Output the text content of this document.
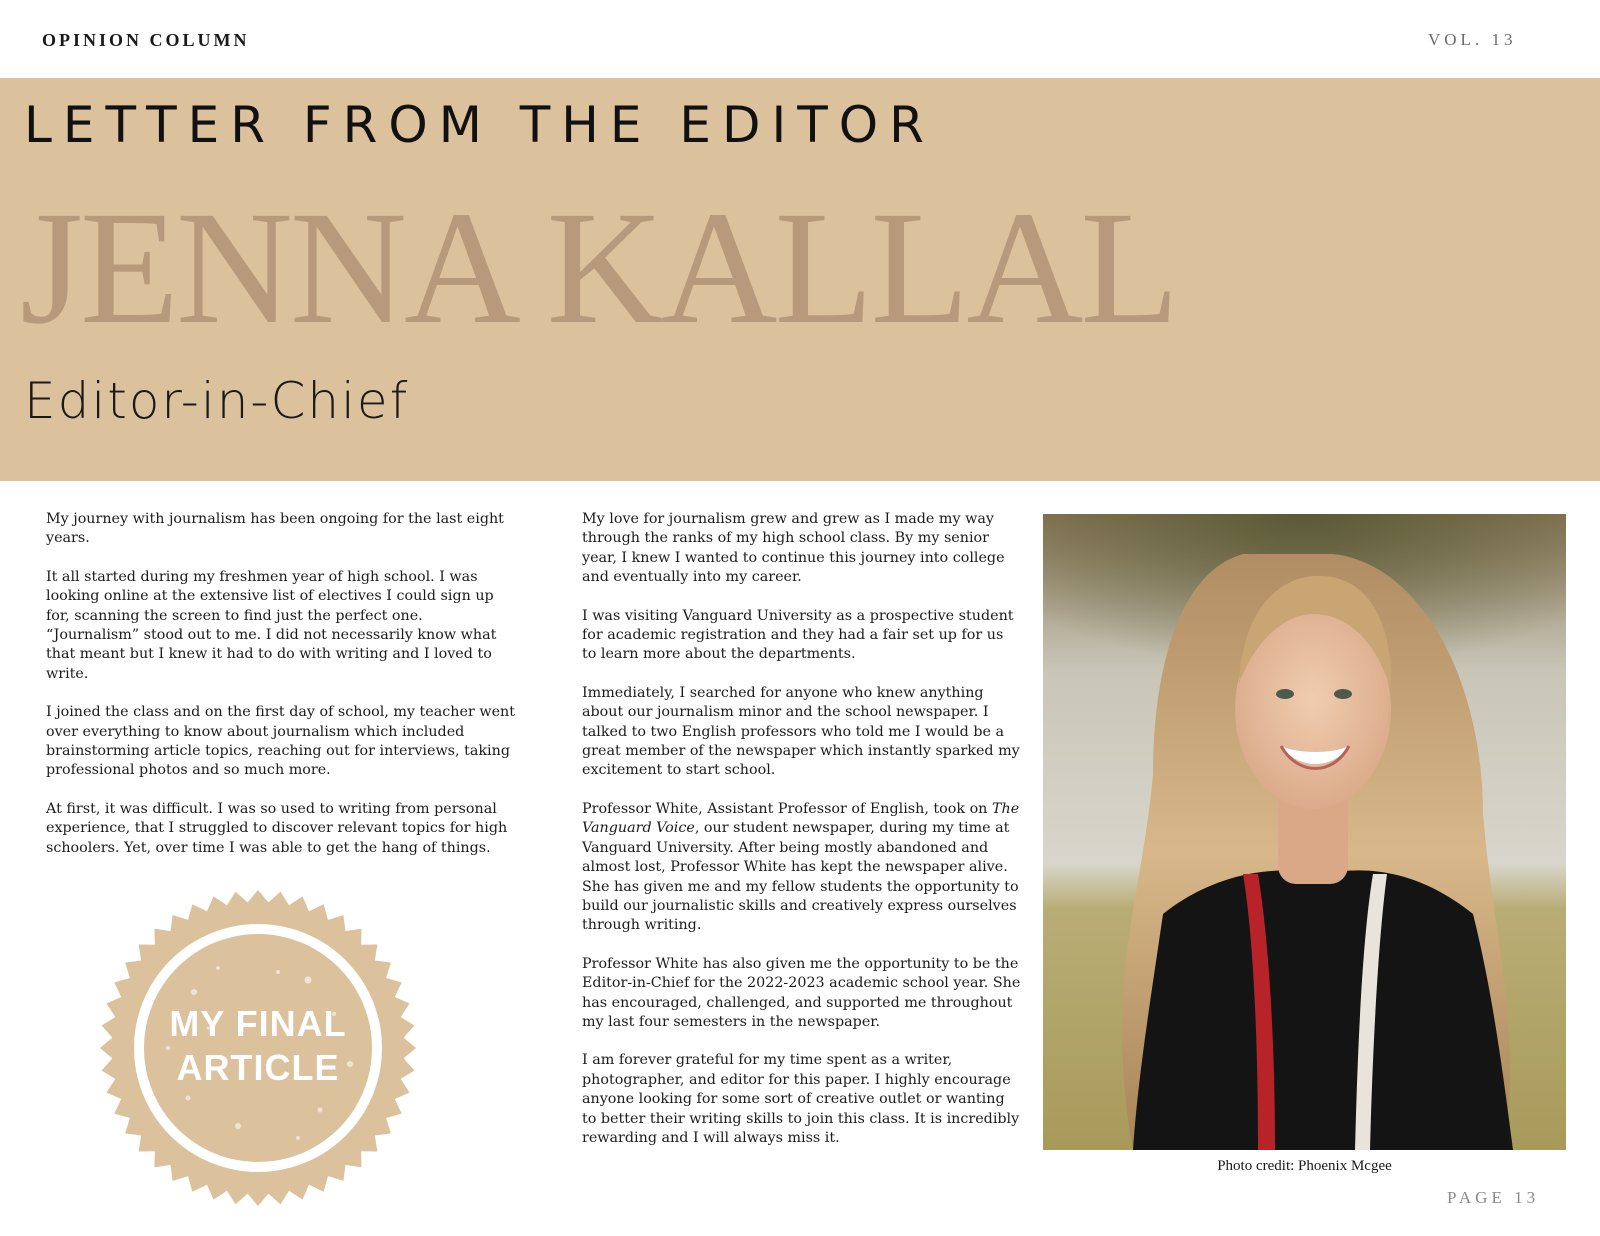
OPINION COLUMN	VOL. 13
LETTER FROM THE EDITOR
JENNA KALLAL
Editor-in-Chief

My journey with journalism has been ongoing for the last eight years.

It all started during my freshmen year of high school. I was looking online at the extensive list of electives I could sign up for, scanning the screen to find just the perfect one. “Journalism” stood out to me. I did not necessarily know what that meant but I knew it had to do with writing and I loved to write.

I joined the class and on the first day of school, my teacher went over everything to know about journalism which included brainstorming article topics, reaching out for interviews, taking professional photos and so much more.

At first, it was difficult. I was so used to writing from personal experience, that I struggled to discover relevant topics for high schoolers. Yet, over time I was able to get the hang of things.

MY FINAL
ARTICLE

My love for journalism grew and grew as I made my way through the ranks of my high school class. By my senior year, I knew I wanted to continue this journey into college and eventually into my career.

I was visiting Vanguard University as a prospective student for academic registration and they had a fair set up for us to learn more about the departments.

Immediately, I searched for anyone who knew anything about our journalism minor and the school newspaper. I talked to two English professors who told me I would be a great member of the newspaper which instantly sparked my excitement to start school.

Professor White, Assistant Professor of English, took on The Vanguard Voice, our student newspaper, during my time at Vanguard University. After being mostly abandoned and almost lost, Professor White has kept the newspaper alive. She has given me and my fellow students the opportunity to build our journalistic skills and creatively express ourselves through writing.

Professor White has also given me the opportunity to be the Editor-in-Chief for the 2022-2023 academic school year. She has encouraged, challenged, and supported me throughout my last four semesters in the newspaper.

I am forever grateful for my time spent as a writer, photographer, and editor for this paper. I highly encourage anyone looking for some sort of creative outlet or wanting to better their writing skills to join this class. It is incredibly rewarding and I will always miss it.

Photo credit: Phoenix Mcgee
PAGE 13
